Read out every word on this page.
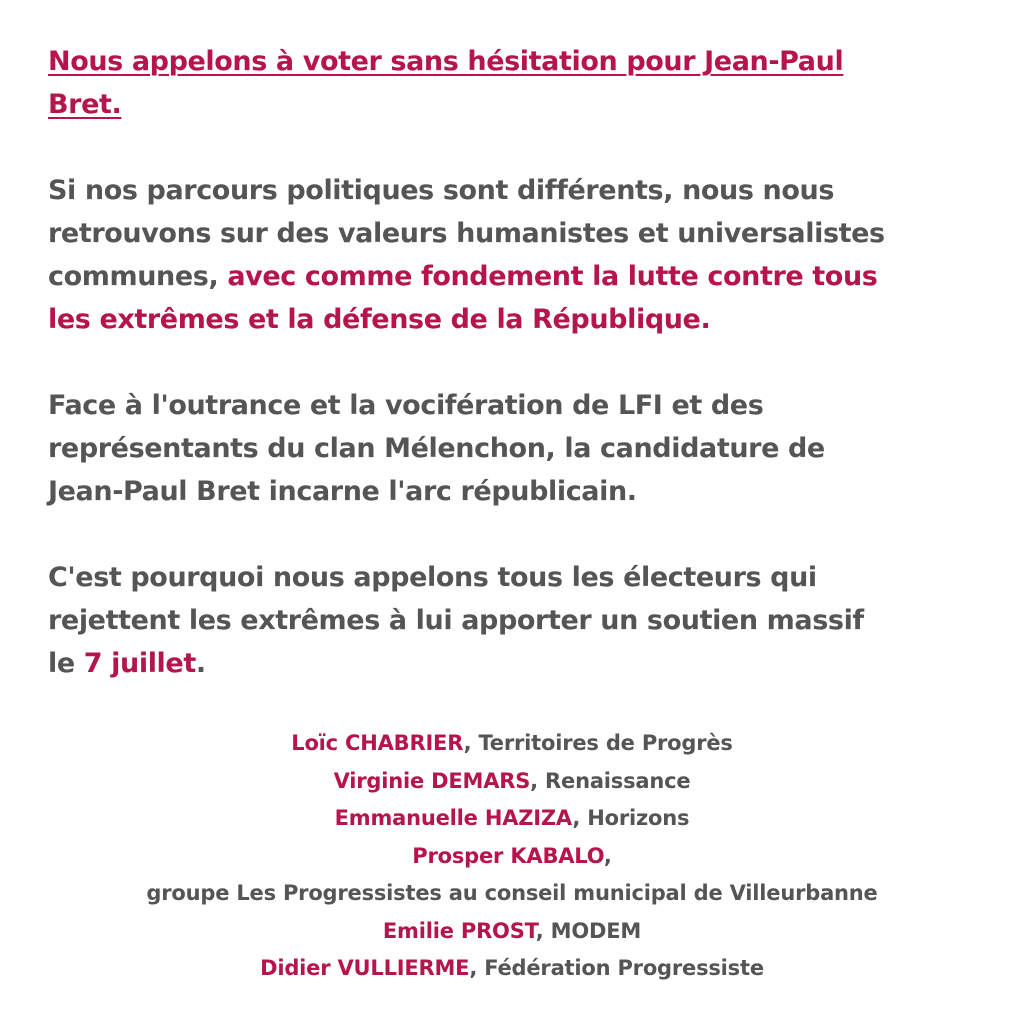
Nous appelons à voter sans hésitation pour Jean-Paul
Bret.

Si nos parcours politiques sont différents, nous nous
retrouvons sur des valeurs humanistes et universalistes
communes, avec comme fondement la lutte contre tous
les extrêmes et la défense de la République.

Face à l'outrance et la vocifération de LFI et des
représentants du clan Mélenchon, la candidature de
Jean-Paul Bret incarne l'arc républicain.

C'est pourquoi nous appelons tous les électeurs qui
rejettent les extrêmes à lui apporter un soutien massif
le 7 juillet.

Loïc CHABRIER, Territoires de Progrès
Virginie DEMARS, Renaissance
Emmanuelle HAZIZA, Horizons
Prosper KABALO,
groupe Les Progressistes au conseil municipal de Villeurbanne
Emilie PROST, MODEM
Didier VULLIERME, Fédération Progressiste
